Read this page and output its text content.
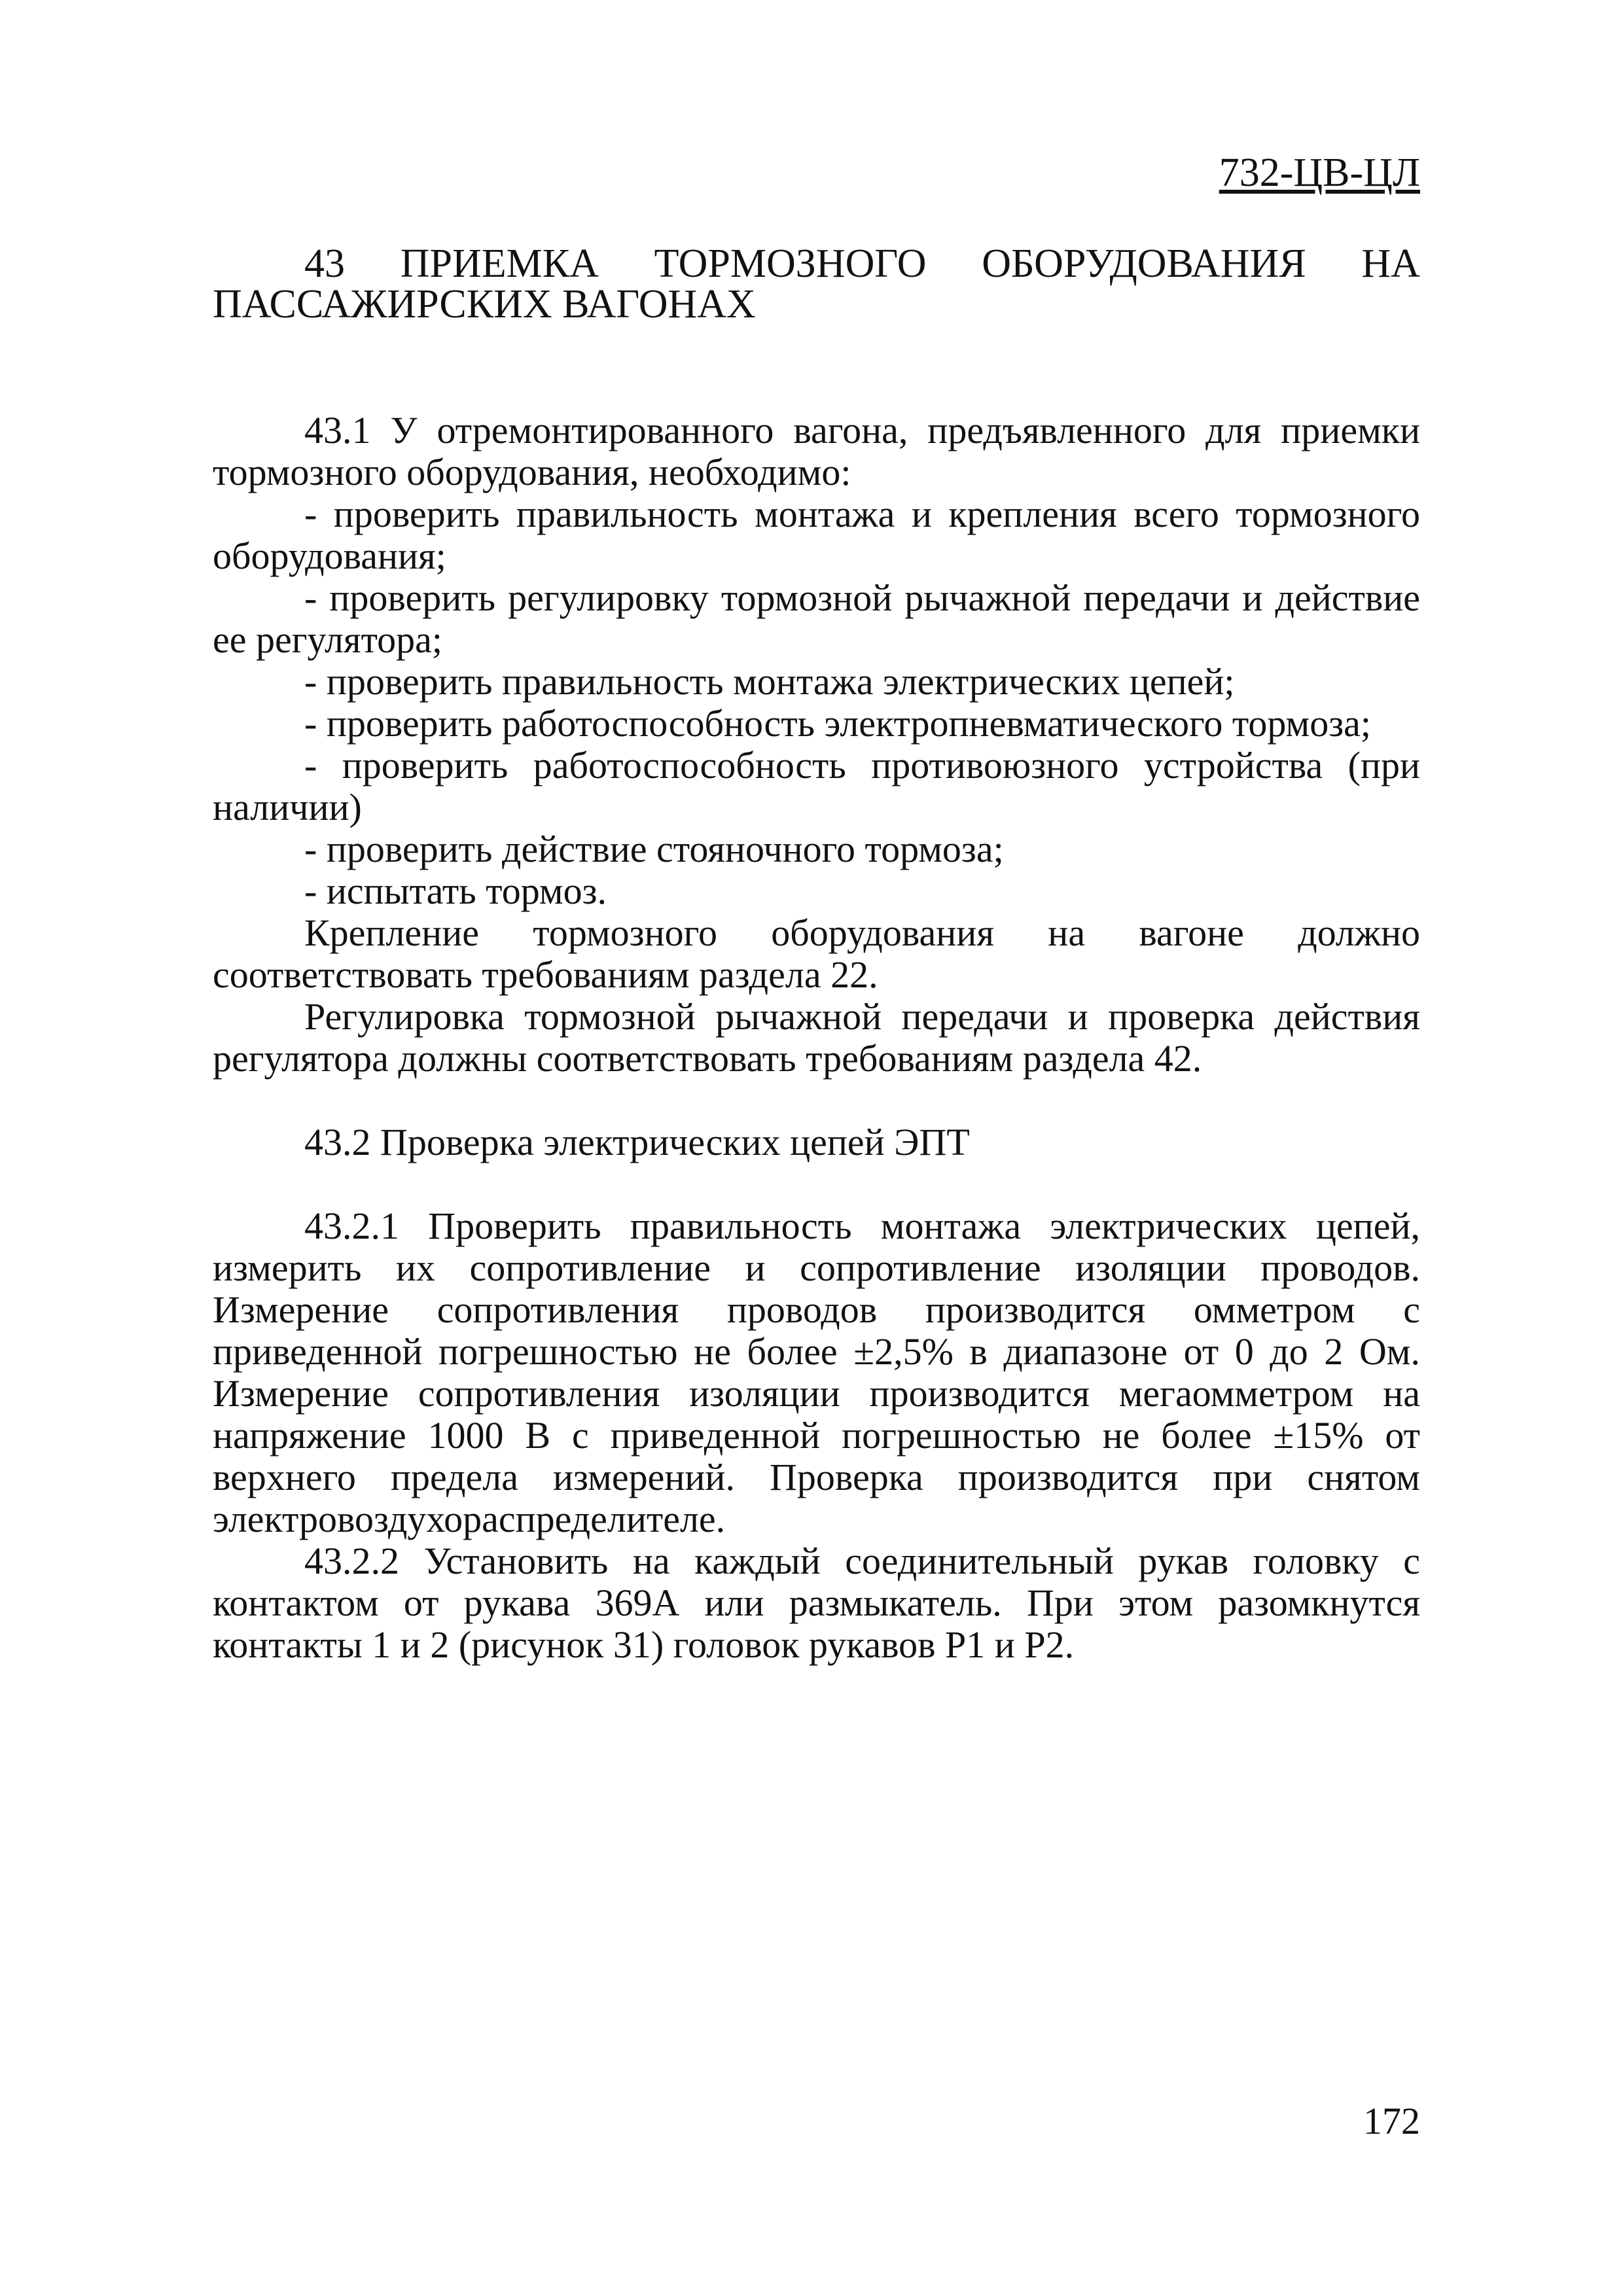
732-ЦВ-ЦЛ
43 ПРИЕМКА ТОРМОЗНОГО ОБОРУДОВАНИЯ НА
ПАССАЖИРСКИХ ВАГОНАХ

43.1 У отремонтированного вагона, предъявленного для приемки тормозного оборудования, необходимо:

- проверить правильность монтажа и крепления всего тормозного оборудования;

- проверить регулировку тормозной рычажной передачи и действие ее регулятора;

- проверить правильность монтажа электрических цепей;

- проверить работоспособность электропневматического тормоза;

- проверить работоспособность противоюзного устройства (при наличии)

- проверить действие стояночного тормоза;

- испытать тормоз.

Крепление тормозного оборудования на вагоне должно соответствовать требованиям раздела 22.

Регулировка тормозной рычажной передачи и проверка действия регулятора должны соответствовать требованиям раздела 42.

43.2 Проверка электрических цепей ЭПТ

43.2.1 Проверить правильность монтажа электрических цепей, измерить их сопротивление и сопротивление изоляции проводов. Измерение сопротивления проводов производится омметром с приведенной погрешностью не более ±2,5% в диапазоне от 0 до 2 Ом. Измерение сопротивления изоляции производится мегаомметром на напряжение 1000 В с приведенной погрешностью не более ±15% от верхнего предела измерений. Проверка производится при снятом электровоздухораспределителе.

43.2.2 Установить на каждый соединительный рукав головку с контактом от рукава 369А или размыкатель. При этом разомкнутся контакты 1 и 2 (рисунок 31) головок рукавов Р1 и Р2.

172
